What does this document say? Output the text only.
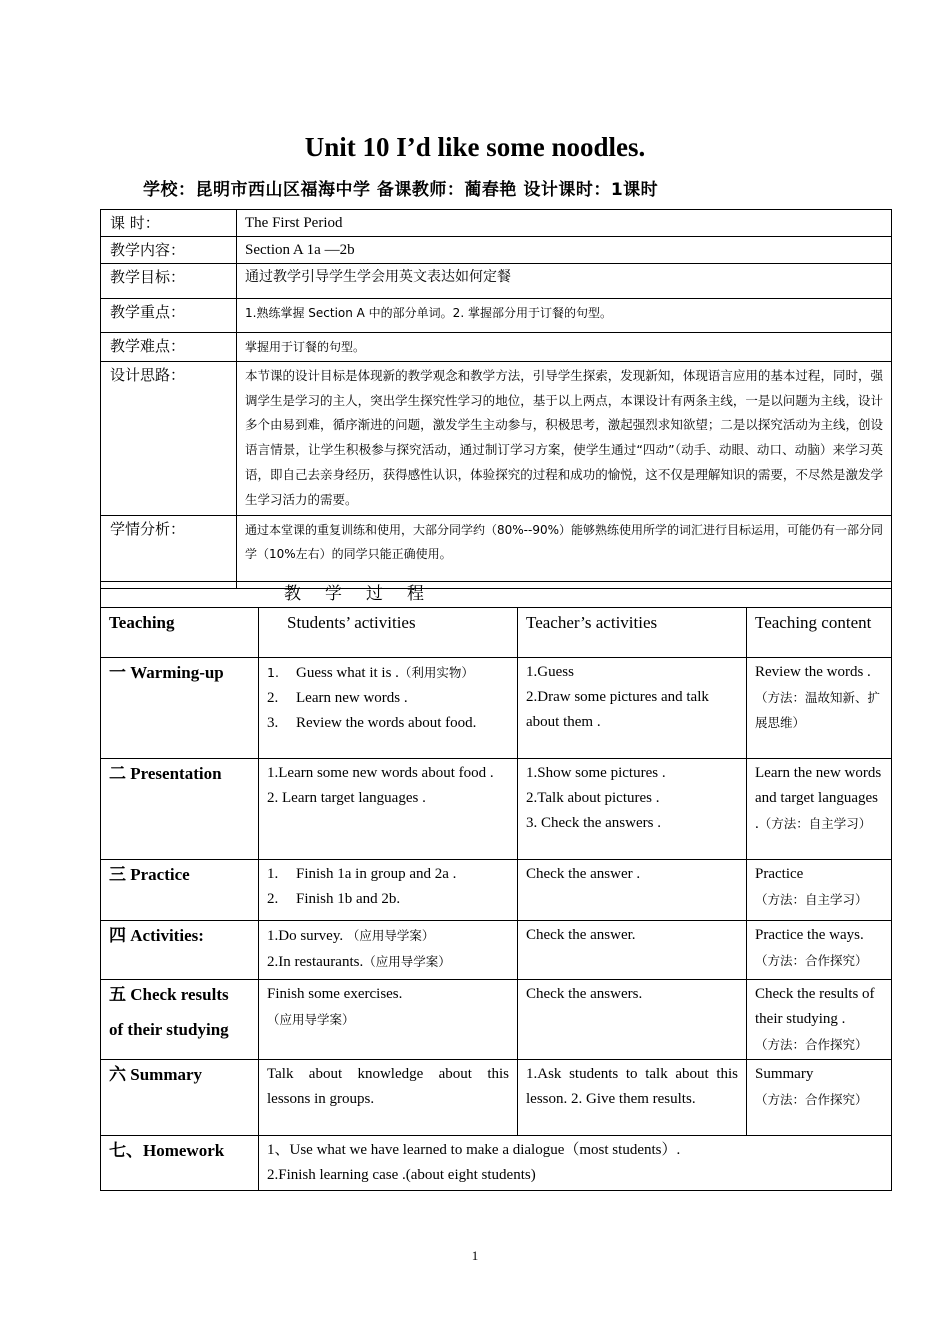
Unit 10 I’d like some noodles.
学校：昆明市西山区福海中学 备课教师：蔺春艳 设计课时：1课时
课 时：	The First Period
教学内容：	Section A 1a —2b
教学目标：	通过教学引导学生学会用英文表达如何定餐
教学重点：	1.熟练掌握 Section A 中的部分单词。2. 掌握部分用于订餐的句型。
教学难点：	掌握用于订餐的句型。
设计思路：	本节课的设计目标是体现新的教学观念和教学方法，引导学生探索，发现新知，体现语言应用的基本过程，同时，强调学生是学习的主人，突出学生探究性学习的地位，基于以上两点，本课设计有两条主线，一是以问题为主线，设计多个由易到难，循序渐进的问题，激发学生主动参与，积极思考，激起强烈求知欲望；二是以探究活动为主线，创设语言情景，让学生积极参与探究活动，通过制订学习方案，使学生通过“四动”（动手、动眼、动口、动脑）来学习英语，即自己去亲身经历，获得感性认识，体验探究的过程和成功的愉悦，这不仅是理解知识的需要，不尽然是激发学生学习活力的需要。
学情分析：	通过本堂课的重复训练和使用，大部分同学约（80%--90%）能够熟练使用所学的词汇进行目标运用，可能仍有一部分同学（10%左右）的同学只能正确使用。
教学过程			

Teaching	Students’ activities	Teacher’s activities	Teaching content
一 Warming-up	1. Guess what it is .（利用实物）
2. Learn new words .
3. Review the words about food.	1.Guess
2.Draw some pictures and talk about them .	Review the words .
（方法：温故知新、扩展思维）

二 Presentation	1.Learn some new words about food .
2. Learn target languages .	1.Show some pictures .
2.Talk about pictures .
3. Check the answers .	Learn the new words and target languages .（方法：自主学习）
三 Practice	1. Finish 1a in group and 2a .
2. Finish 1b and 2b.	Check the answer .	Practice
（方法：自主学习）

四 Activities:	1.Do survey. （应用导学案）
2.In restaurants.（应用导学案）	Check the answer.	Practice the ways.
（方法：合作探究）

五 Check results
of their studying	Finish some exercises.
（应用导学案）	Check the answers.	Check the results of their studying .
（方法：合作探究）

六 Summary	Talk about knowledge about this lessons in groups.	1.Ask students to talk about this lesson. 2. Give them results.	Summary
（方法：合作探究）

七、Homework	1、Use what we have learned to make a dialogue（most students）.
2.Finish learning case .(about eight students)		
1
